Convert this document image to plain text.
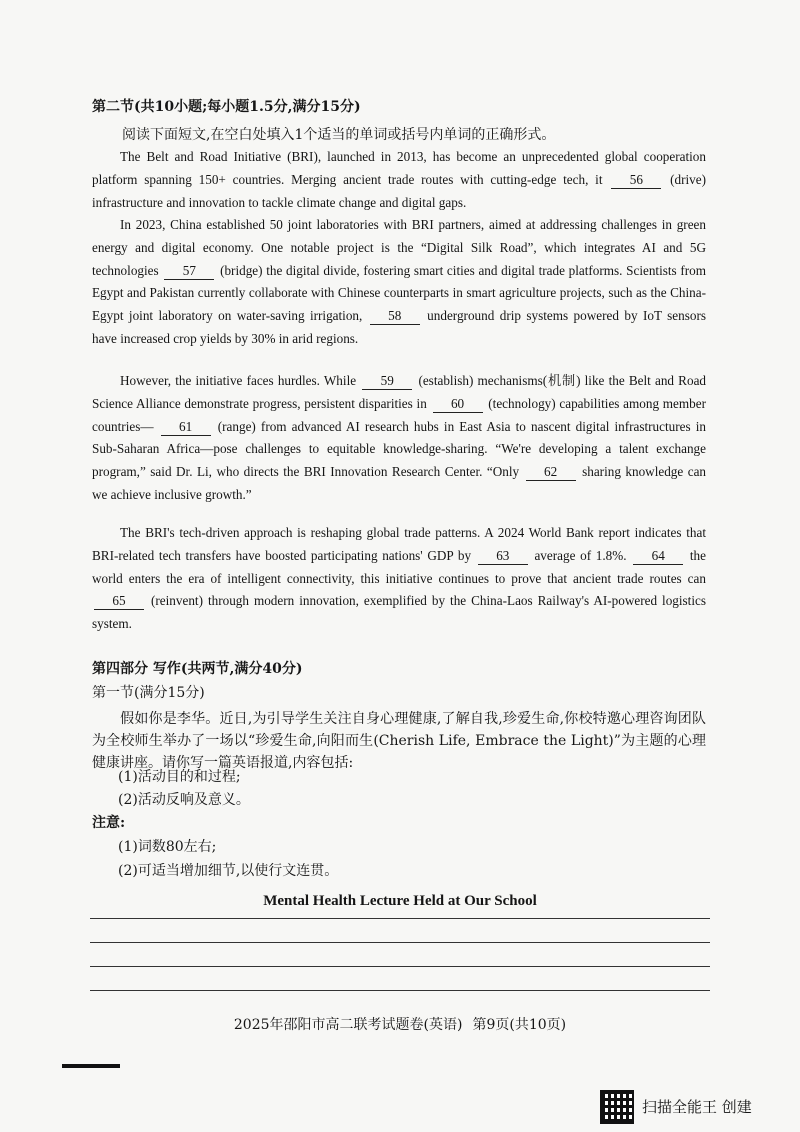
第二节(共10小题;每小题1.5分,满分15分)
阅读下面短文,在空白处填入1个适当的单词或括号内单词的正确形式。
The Belt and Road Initiative (BRI), launched in 2013, has become an unprecedented global cooperation platform spanning 150+ countries. Merging ancient trade routes with cutting-edge tech, it 56 (drive) infrastructure and innovation to tackle climate change and digital gaps.
In 2023, China established 50 joint laboratories with BRI partners, aimed at addressing challenges in green energy and digital economy. One notable project is the “Digital Silk Road”, which integrates AI and 5G technologies 57 (bridge) the digital divide, fostering smart cities and digital trade platforms. Scientists from Egypt and Pakistan currently collaborate with Chinese counterparts in smart agriculture projects, such as the China-Egypt joint laboratory on water-saving irrigation, 58 underground drip systems powered by IoT sensors have increased crop yields by 30% in arid regions.
However, the initiative faces hurdles. While 59 (establish) mechanisms(机制) like the Belt and Road Science Alliance demonstrate progress, persistent disparities in 60 (technology) capabilities among member countries— 61 (range) from advanced AI research hubs in East Asia to nascent digital infrastructures in Sub-Saharan Africa—pose challenges to equitable knowledge-sharing. “We're developing a talent exchange program,” said Dr. Li, who directs the BRI Innovation Research Center. “Only 62 sharing knowledge can we achieve inclusive growth.”
The BRI's tech-driven approach is reshaping global trade patterns. A 2024 World Bank report indicates that BRI-related tech transfers have boosted participating nations' GDP by 63 average of 1.8%. 64 the world enters the era of intelligent connectivity, this initiative continues to prove that ancient trade routes can 65 (reinvent) through modern innovation, exemplified by the China-Laos Railway's AI-powered logistics system.
第四部分 写作(共两节,满分40分)
第一节(满分15分)
假如你是李华。近日,为引导学生关注自身心理健康,了解自我,珍爱生命,你校特邀心理咨询团队为全校师生举办了一场以“珍爱生命,向阳而生(Cherish Life, Embrace the Light)”为主题的心理健康讲座。请你写一篇英语报道,内容包括:
(1)活动目的和过程;
(2)活动反响及意义。
注意:
(1)词数80左右;
(2)可适当增加细节,以使行文连贯。
Mental Health Lecture Held at Our School
2025年邵阳市高二联考试题卷(英语) 第9页(共10页)
扫描全能王 创建
